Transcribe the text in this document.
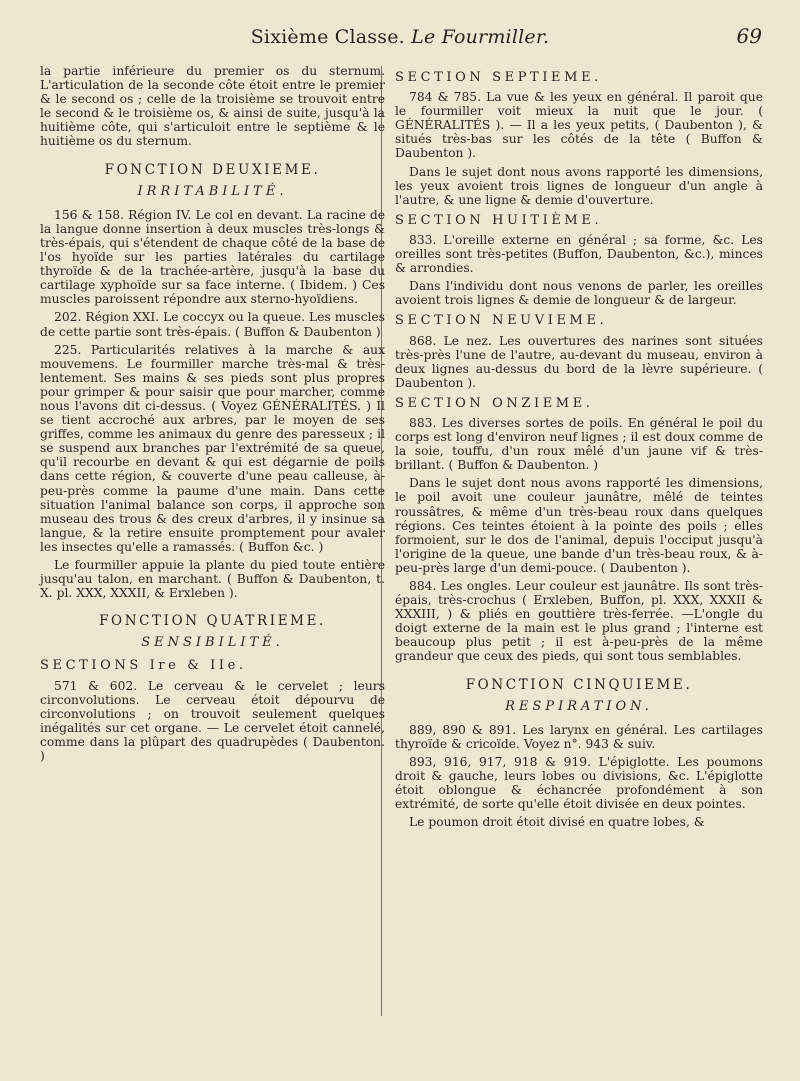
Sixième Classe. Le Fourmiller.	69

la partie inférieure du premier os du sternum. L'articulation de la seconde côte étoit entre le premier & le second os ; celle de la troisième se trouvoit entre le second & le troisième os, & ainsi de suite, jusqu'à la huitième côte, qui s'articuloit entre le septième & le huitième os du sternum.

FONCTION DEUXIEME.
IRRITABILITÉ.

156 & 158. Région IV. Le col en devant. La racine de la langue donne insertion à deux muscles très-longs & très-épais, qui s'étendent de chaque côté de la base de l'os hyoïde sur les parties latérales du cartilage thyroïde & de la trachée-artère, jusqu'à la base du cartilage xyphoïde sur sa face interne. ( Ibidem. ) Ces muscles paroissent répondre aux sterno-hyoïdiens.

202. Région XXI. Le coccyx ou la queue. Les muscles de cette partie sont très-épais. ( Buffon & Daubenton )

225. Particularités relatives à la marche & aux mouvemens. Le fourmiller marche très-mal & très-lentement. Ses mains & ses pieds sont plus propres pour grimper & pour saisir que pour marcher, comme nous l'avons dit ci-dessus. ( Voyez GÉNÉRALITÉS. ) Il se tient accroché aux arbres, par le moyen de ses griffes, comme les animaux du genre des paresseux ; il se suspend aux branches par l'extrémité de sa queue, qu'il recourbe en devant & qui est dégarnie de poils dans cette région, & couverte d'une peau calleuse, à-peu-près comme la paume d'une main. Dans cette situation l'animal balance son corps, il approche son museau des trous & des creux d'arbres, il y insinue sa langue, & la retire ensuite promptement pour avaler les insectes qu'elle a ramassés. ( Buffon &c. )

Le fourmiller appuie la plante du pied toute entière jusqu'au talon, en marchant. ( Buffon & Daubenton, t. X. pl. XXX, XXXII, & Erxleben ).

FONCTION QUATRIEME.
SENSIBILITÉ.
SECTIONS Ire & IIe.

571 & 602. Le cerveau & le cervelet ; leurs circonvolutions. Le cerveau étoit dépourvu de circonvolutions ; on trouvoit seulement quelques inégalités sur cet organe. — Le cervelet étoit cannelé, comme dans la plûpart des quadrupèdes ( Daubenton. )

SECTION SEPTIEME.

784 & 785. La vue & les yeux en général. Il paroit que le fourmiller voit mieux la nuit que le jour. ( GÉNÉRALITÉS ). — Il a les yeux petits, ( Daubenton ), & situés très-bas sur les côtés de la tête ( Buffon & Daubenton ).

Dans le sujet dont nous avons rapporté les dimensions, les yeux avoient trois lignes de longueur d'un angle à l'autre, & une ligne & demie d'ouverture.

SECTION HUITIÈME.

833. L'oreille externe en général ; sa forme, &c. Les oreilles sont très-petites (Buffon, Daubenton, &c.), minces & arrondies.

Dans l'individu dont nous venons de parler, les oreilles avoient trois lignes & demie de longueur & de largeur.

SECTION NEUVIEME.

868. Le nez. Les ouvertures des narines sont situées très-près l'une de l'autre, au-devant du museau, environ à deux lignes au-dessus du bord de la lèvre supérieure. ( Daubenton ).

SECTION ONZIEME.

883. Les diverses sortes de poils. En général le poil du corps est long d'environ neuf lignes ; il est doux comme de la soie, touffu, d'un roux mêlé d'un jaune vif & très-brillant. ( Buffon & Daubenton. )

Dans le sujet dont nous avons rapporté les dimensions, le poil avoit une couleur jaunâtre, mêlé de teintes roussâtres, & même d'un très-beau roux dans quelques régions. Ces teintes étoient à la pointe des poils ; elles formoient, sur le dos de l'animal, depuis l'occiput jusqu'à l'origine de la queue, une bande d'un très-beau roux, & à-peu-près large d'un demi-pouce. ( Daubenton ).

884. Les ongles. Leur couleur est jaunâtre. Ils sont très-épais, très-crochus ( Erxleben, Buffon, pl. XXX, XXXII & XXXIII, ) & pliés en gouttière très-ferrée. —L'ongle du doigt externe de la main est le plus grand ; l'interne est beaucoup plus petit ; il est à-peu-près de la même grandeur que ceux des pieds, qui sont tous semblables.

FONCTION CINQUIEME.
RESPIRATION.

889, 890 & 891. Les larynx en général. Les cartilages thyroïde & cricoïde. Voyez n°. 943 & suiv.

893, 916, 917, 918 & 919. L'épiglotte. Les poumons droit & gauche, leurs lobes ou divisions, &c. L'épiglotte étoit oblongue & échancrée profondément à son extrémité, de sorte qu'elle étoit divisée en deux pointes.

Le poumon droit étoit divisé en quatre lobes, &
